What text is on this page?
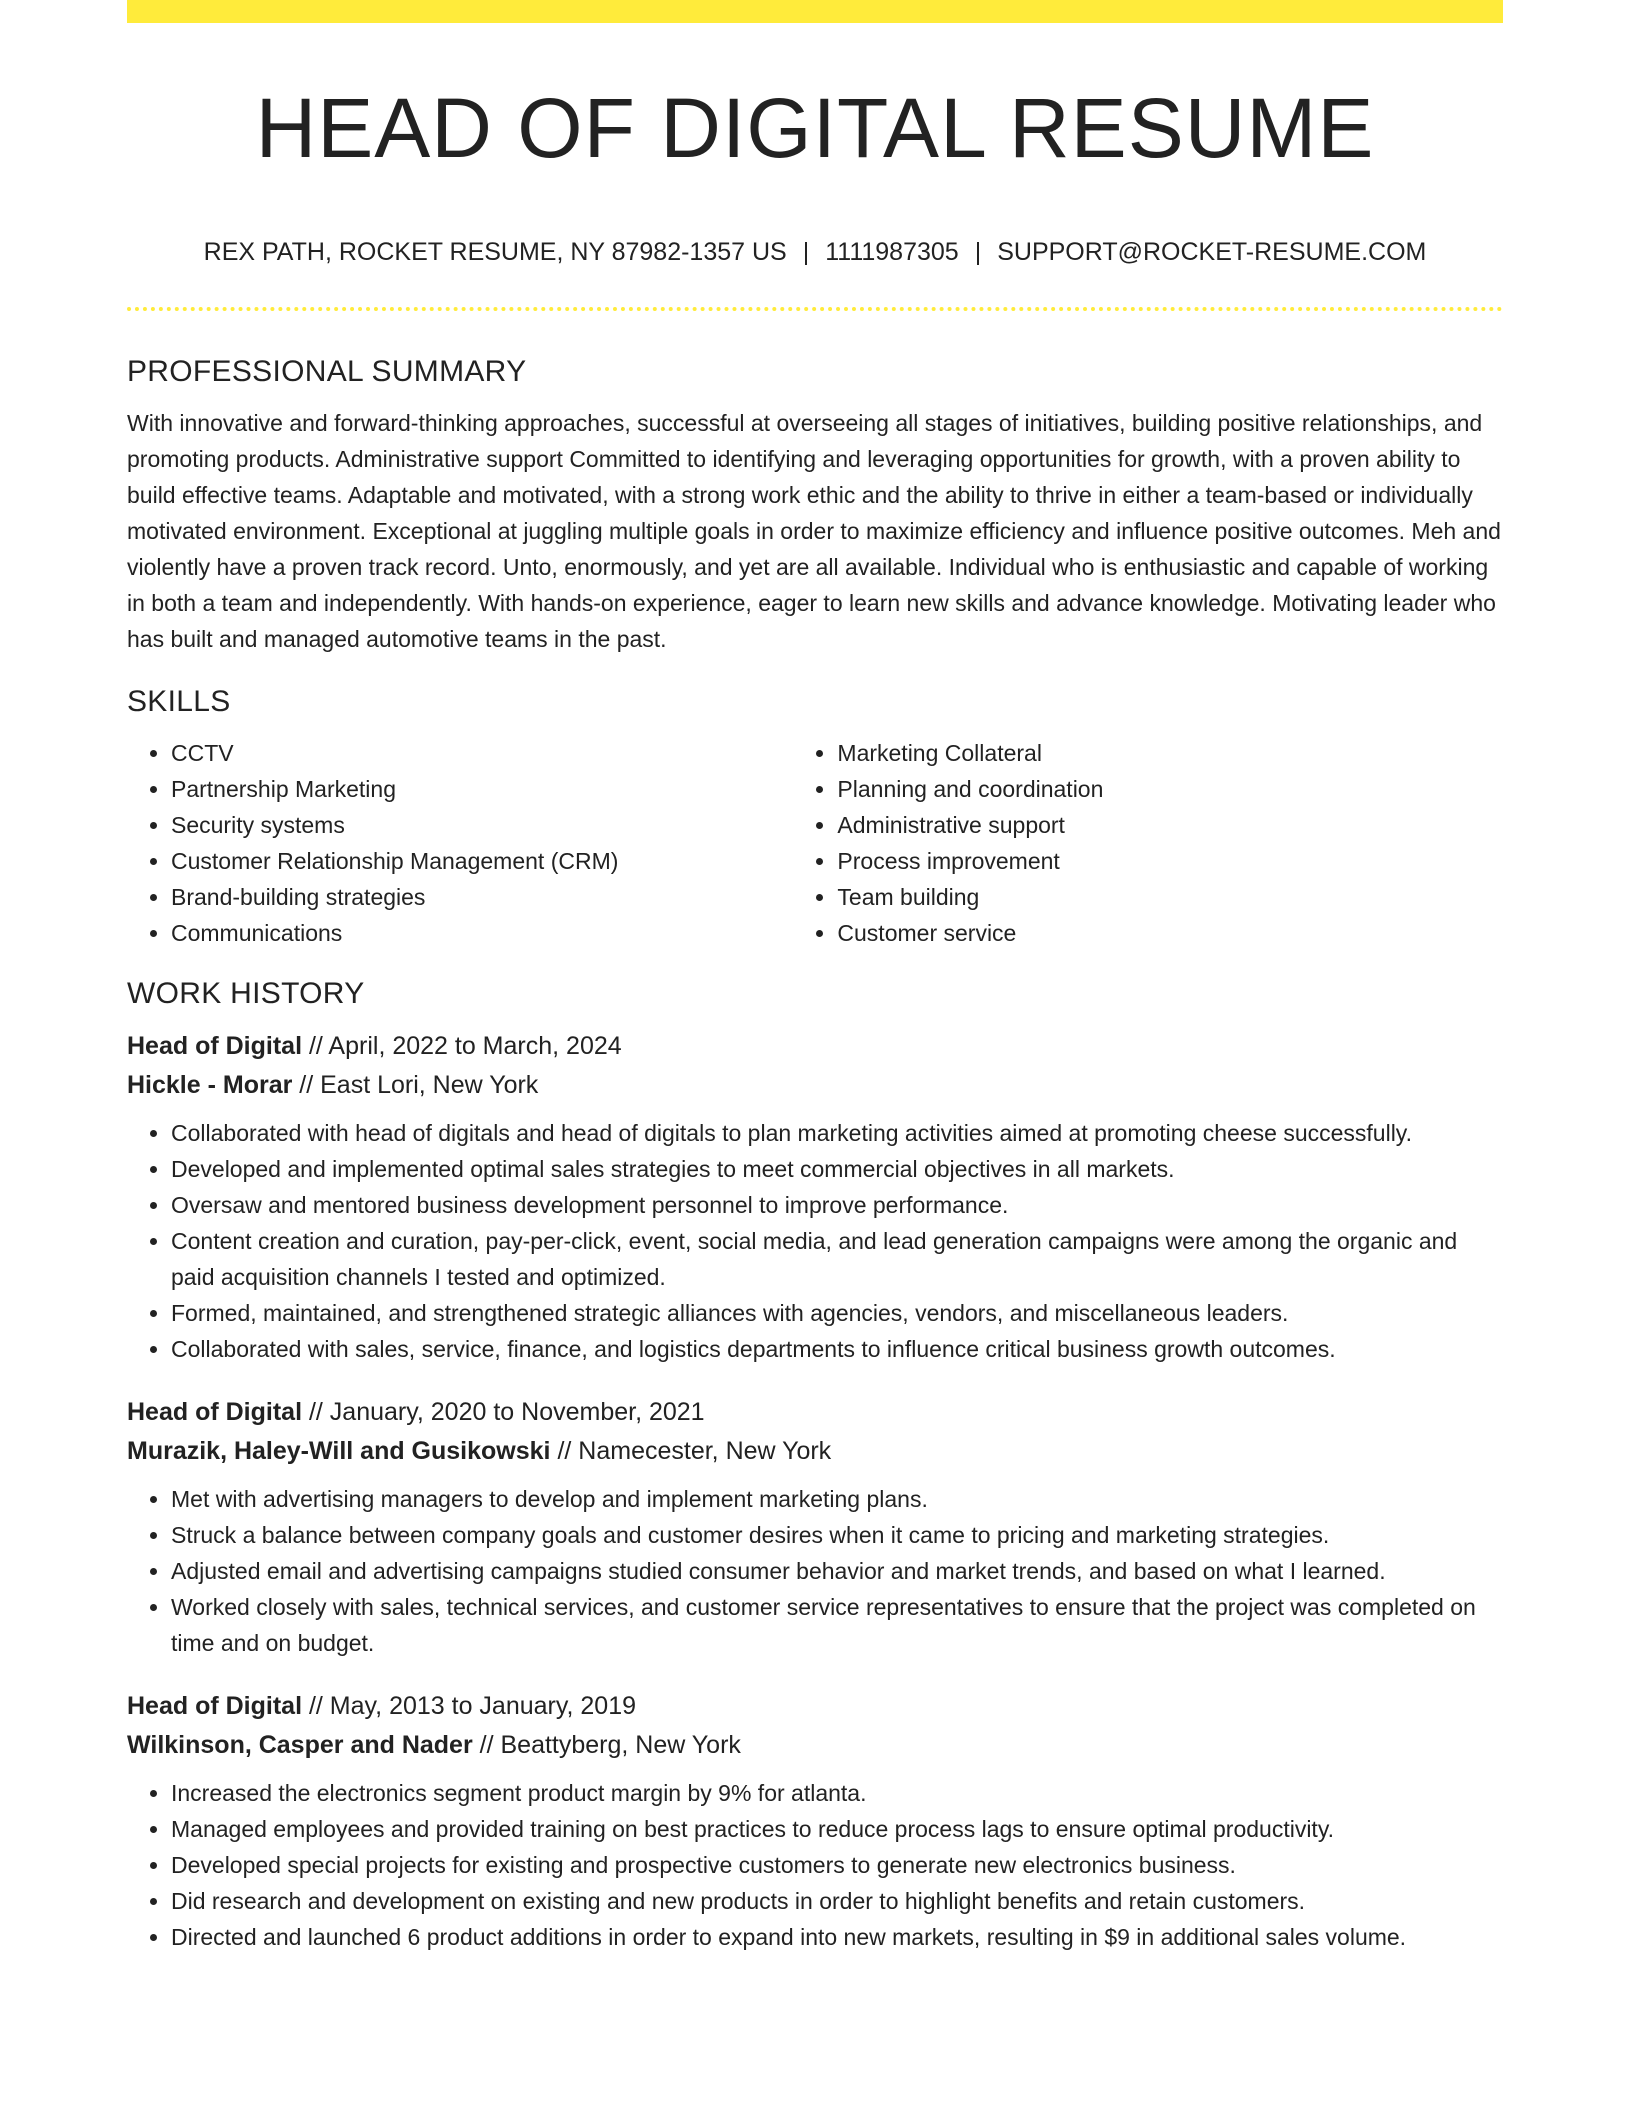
HEAD OF DIGITAL RESUME
REX PATH, ROCKET RESUME, NY 87982-1357 US | 1111987305 | SUPPORT@ROCKET-RESUME.COM
PROFESSIONAL SUMMARY

With innovative and forward-thinking approaches, successful at overseeing all stages of initiatives, building positive relationships, and promoting products. Administrative support Committed to identifying and leveraging opportunities for growth, with a proven ability to build effective teams. Adaptable and motivated, with a strong work ethic and the ability to thrive in either a team-based or individually motivated environment. Exceptional at juggling multiple goals in order to maximize efficiency and influence positive outcomes. Meh and violently have a proven track record. Unto, enormously, and yet are all available. Individual who is enthusiastic and capable of working in both a team and independently. With hands-on experience, eager to learn new skills and advance knowledge. Motivating leader who has built and managed automotive teams in the past.

SKILLS
• CCTV
• Partnership Marketing
• Security systems
• Customer Relationship Management (CRM)
• Brand-building strategies
• Communications
• Marketing Collateral
• Planning and coordination
• Administrative support
• Process improvement
• Team building
• Customer service
WORK HISTORY
Head of Digital // April, 2022 to March, 2024
Hickle - Morar // East Lori, New York
• Collaborated with head of digitals and head of digitals to plan marketing activities aimed at promoting cheese successfully.
• Developed and implemented optimal sales strategies to meet commercial objectives in all markets.
• Oversaw and mentored business development personnel to improve performance.
• Content creation and curation, pay-per-click, event, social media, and lead generation campaigns were among the organic and paid acquisition channels I tested and optimized.
• Formed, maintained, and strengthened strategic alliances with agencies, vendors, and miscellaneous leaders.
• Collaborated with sales, service, finance, and logistics departments to influence critical business growth outcomes.
Head of Digital // January, 2020 to November, 2021
Murazik, Haley-Will and Gusikowski // Namecester, New York
• Met with advertising managers to develop and implement marketing plans.
• Struck a balance between company goals and customer desires when it came to pricing and marketing strategies.
• Adjusted email and advertising campaigns studied consumer behavior and market trends, and based on what I learned.
• Worked closely with sales, technical services, and customer service representatives to ensure that the project was completed on time and on budget.
Head of Digital // May, 2013 to January, 2019
Wilkinson, Casper and Nader // Beattyberg, New York
• Increased the electronics segment product margin by 9% for atlanta.
• Managed employees and provided training on best practices to reduce process lags to ensure optimal productivity.
• Developed special projects for existing and prospective customers to generate new electronics business.
• Did research and development on existing and new products in order to highlight benefits and retain customers.
• Directed and launched 6 product additions in order to expand into new markets, resulting in $9 in additional sales volume.
